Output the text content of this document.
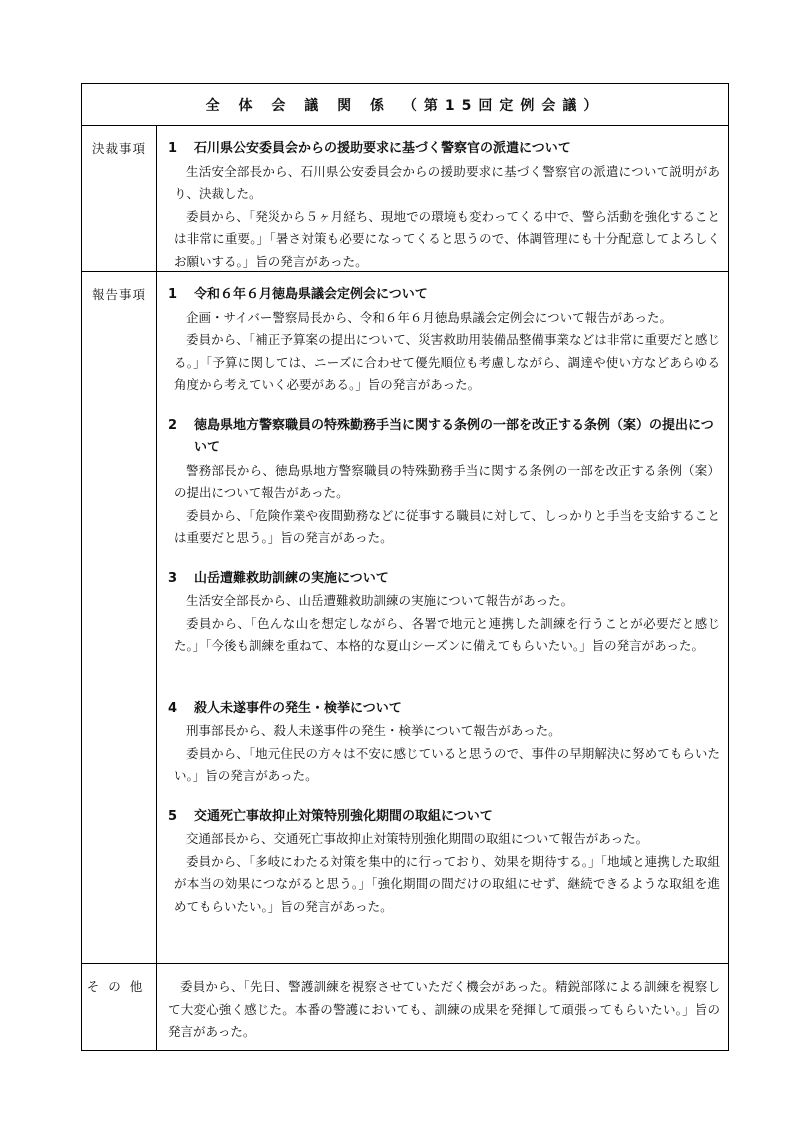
全 体 会 議 関 係 （第15回定例会議）
決裁事項	1	石川県公安委員会からの援助要求に基づく警察官の派遣について

生活安全部長から、石川県公安委員会からの援助要求に基づく警察官の派遣について説明があり、決裁した。

委員から、「発災から５ヶ月経ち、現地での環境も変わってくる中で、警ら活動を強化することは非常に重要。」「暑さ対策も必要になってくると思うので、体調管理にも十分配意してよろしくお願いする。」旨の発言があった。

報告事項	1	令和６年６月徳島県議会定例会について

企画・サイバー警察局長から、令和６年６月徳島県議会定例会について報告があった。

委員から、「補正予算案の提出について、災害救助用装備品整備事業などは非常に重要だと感じる。」「予算に関しては、ニーズに合わせて優先順位も考慮しながら、調達や使い方などあらゆる角度から考えていく必要がある。」旨の発言があった。

2	徳島県地方警察職員の特殊勤務手当に関する条例の一部を改正する条例（案）の提出について

警務部長から、徳島県地方警察職員の特殊勤務手当に関する条例の一部を改正する条例（案）の提出について報告があった。

委員から、「危険作業や夜間勤務などに従事する職員に対して、しっかりと手当を支給することは重要だと思う。」旨の発言があった。

3	山岳遭難救助訓練の実施について

生活安全部長から、山岳遭難救助訓練の実施について報告があった。

委員から、「色んな山を想定しながら、各署で地元と連携した訓練を行うことが必要だと感じた。」「今後も訓練を重ねて、本格的な夏山シーズンに備えてもらいたい。」旨の発言があった。

4	殺人未遂事件の発生・検挙について

刑事部長から、殺人未遂事件の発生・検挙について報告があった。

委員から、「地元住民の方々は不安に感じていると思うので、事件の早期解決に努めてもらいたい。」旨の発言があった。

5	交通死亡事故抑止対策特別強化期間の取組について

交通部長から、交通死亡事故抑止対策特別強化期間の取組について報告があった。

委員から、「多岐にわたる対策を集中的に行っており、効果を期待する。」「地域と連携した取組が本当の効果につながると思う。」「強化期間の間だけの取組にせず、継続できるような取組を進めてもらいたい。」旨の発言があった。

その他	委員から、「先日、警護訓練を視察させていただく機会があった。精鋭部隊による訓練を視察して大変心強く感じた。本番の警護においても、訓練の成果を発揮して頑張ってもらいたい。」旨の発言があった。
